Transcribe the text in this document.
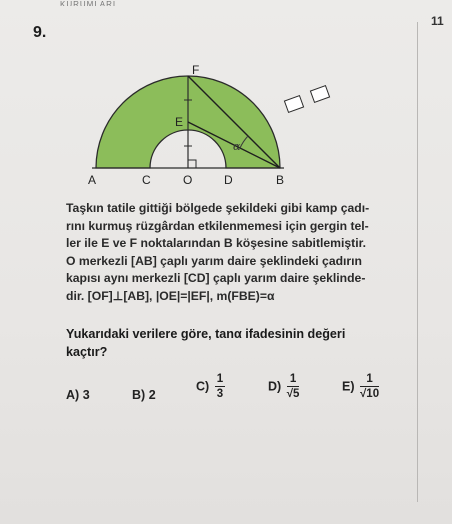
KURUMLARI
9.
11
α
F
E
A	C	O	D	B

Taşkın tatile gittiği bölgede şekildeki gibi kamp çadı-

rını kurmuş rüzgârdan etkilenmemesi için gergin tel-

ler ile E ve F noktalarından B köşesine sabitlemiştir.

O merkezli [AB] çaplı yarım daire şeklindeki çadırın

kapısı aynı merkezli [CD] çaplı yarım daire şeklinde-

dir. [OF]⊥[AB], |OE|=|EF|, m(FBE)=α

Yukarıdaki verilere göre, tanα ifadesinin değeri
kaçtır?
A) 3	B) 2
$C) \frac{1}{3}$	$D) \frac{1}{√5}$	$E) \frac{1}{√10}$
